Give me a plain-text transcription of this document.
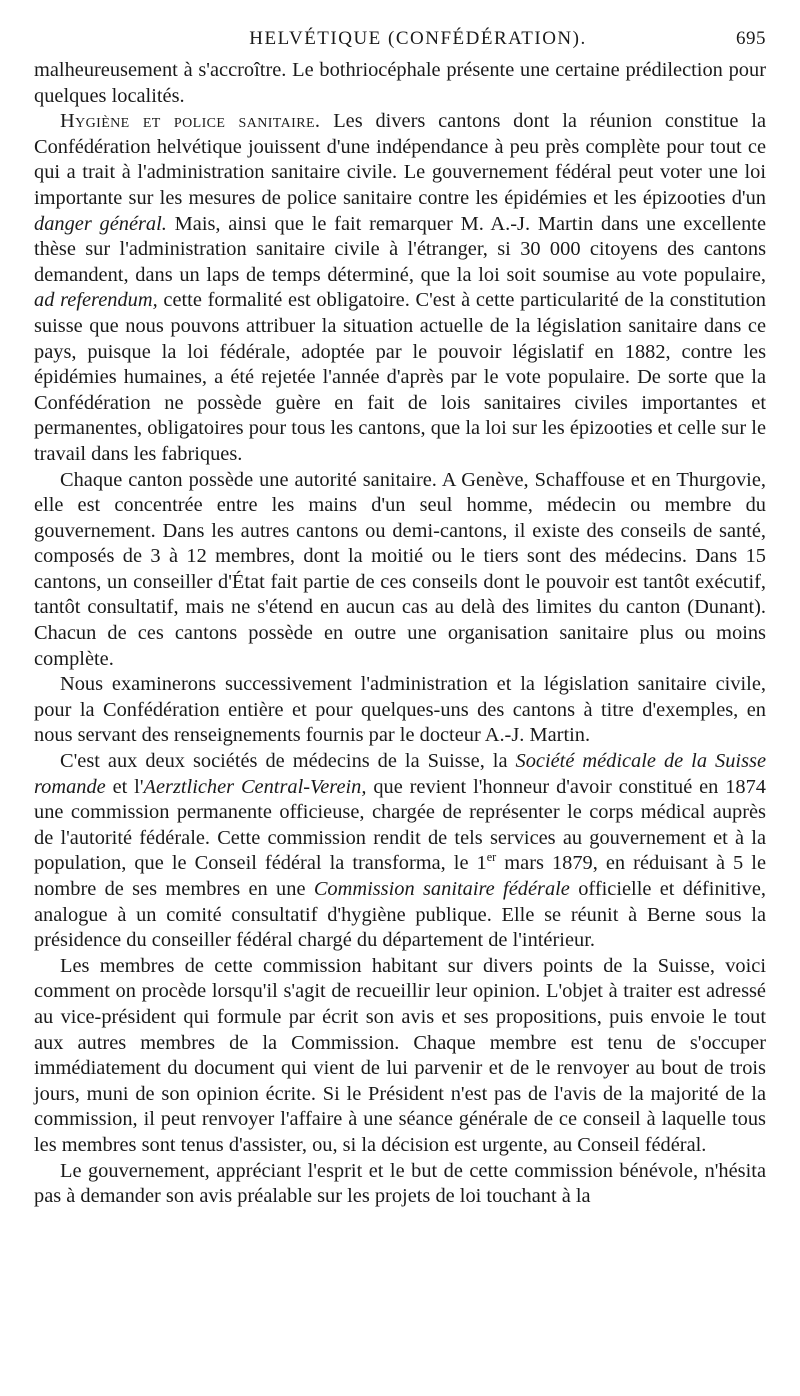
HELVÉTIQUE (CONFÉDÉRATION).	695

malheureusement à s'accroître. Le bothriocéphale présente une certaine prédilection pour quelques localités.

Hygiène et police sanitaire. Les divers cantons dont la réunion constitue la Confédération helvétique jouissent d'une indépendance à peu près complète pour tout ce qui a trait à l'administration sanitaire civile. Le gouvernement fédéral peut voter une loi importante sur les mesures de police sanitaire contre les épidémies et les épizooties d'un danger général. Mais, ainsi que le fait remarquer M. A.-J. Martin dans une excellente thèse sur l'administration sanitaire civile à l'étranger, si 30 000 citoyens des cantons demandent, dans un laps de temps déterminé, que la loi soit soumise au vote populaire, ad referendum, cette formalité est obligatoire. C'est à cette particularité de la constitution suisse que nous pouvons attribuer la situation actuelle de la législation sanitaire dans ce pays, puisque la loi fédérale, adoptée par le pouvoir législatif en 1882, contre les épidémies humaines, a été rejetée l'année d'après par le vote populaire. De sorte que la Confédération ne possède guère en fait de lois sanitaires civiles importantes et permanentes, obligatoires pour tous les cantons, que la loi sur les épizooties et celle sur le travail dans les fabriques.

Chaque canton possède une autorité sanitaire. A Genève, Schaffouse et en Thurgovie, elle est concentrée entre les mains d'un seul homme, médecin ou membre du gouvernement. Dans les autres cantons ou demi-cantons, il existe des conseils de santé, composés de 3 à 12 membres, dont la moitié ou le tiers sont des médecins. Dans 15 cantons, un conseiller d'État fait partie de ces conseils dont le pouvoir est tantôt exécutif, tantôt consultatif, mais ne s'étend en aucun cas au delà des limites du canton (Dunant). Chacun de ces cantons possède en outre une organisation sanitaire plus ou moins complète.

Nous examinerons successivement l'administration et la législation sanitaire civile, pour la Confédération entière et pour quelques-uns des cantons à titre d'exemples, en nous servant des renseignements fournis par le docteur A.-J. Martin.

C'est aux deux sociétés de médecins de la Suisse, la Société médicale de la Suisse romande et l'Aerztlicher Central-Verein, que revient l'honneur d'avoir constitué en 1874 une commission permanente officieuse, chargée de représenter le corps médical auprès de l'autorité fédérale. Cette commission rendit de tels services au gouvernement et à la population, que le Conseil fédéral la transforma, le 1er mars 1879, en réduisant à 5 le nombre de ses membres en une Commission sanitaire fédérale officielle et définitive, analogue à un comité consultatif d'hygiène publique. Elle se réunit à Berne sous la présidence du conseiller fédéral chargé du département de l'intérieur.

Les membres de cette commission habitant sur divers points de la Suisse, voici comment on procède lorsqu'il s'agit de recueillir leur opinion. L'objet à traiter est adressé au vice-président qui formule par écrit son avis et ses propositions, puis envoie le tout aux autres membres de la Commission. Chaque membre est tenu de s'occuper immédiatement du document qui vient de lui parvenir et de le renvoyer au bout de trois jours, muni de son opinion écrite. Si le Président n'est pas de l'avis de la majorité de la commission, il peut renvoyer l'affaire à une séance générale de ce conseil à laquelle tous les membres sont tenus d'assister, ou, si la décision est urgente, au Conseil fédéral.

Le gouvernement, appréciant l'esprit et le but de cette commission bénévole, n'hésita pas à demander son avis préalable sur les projets de loi touchant à la
